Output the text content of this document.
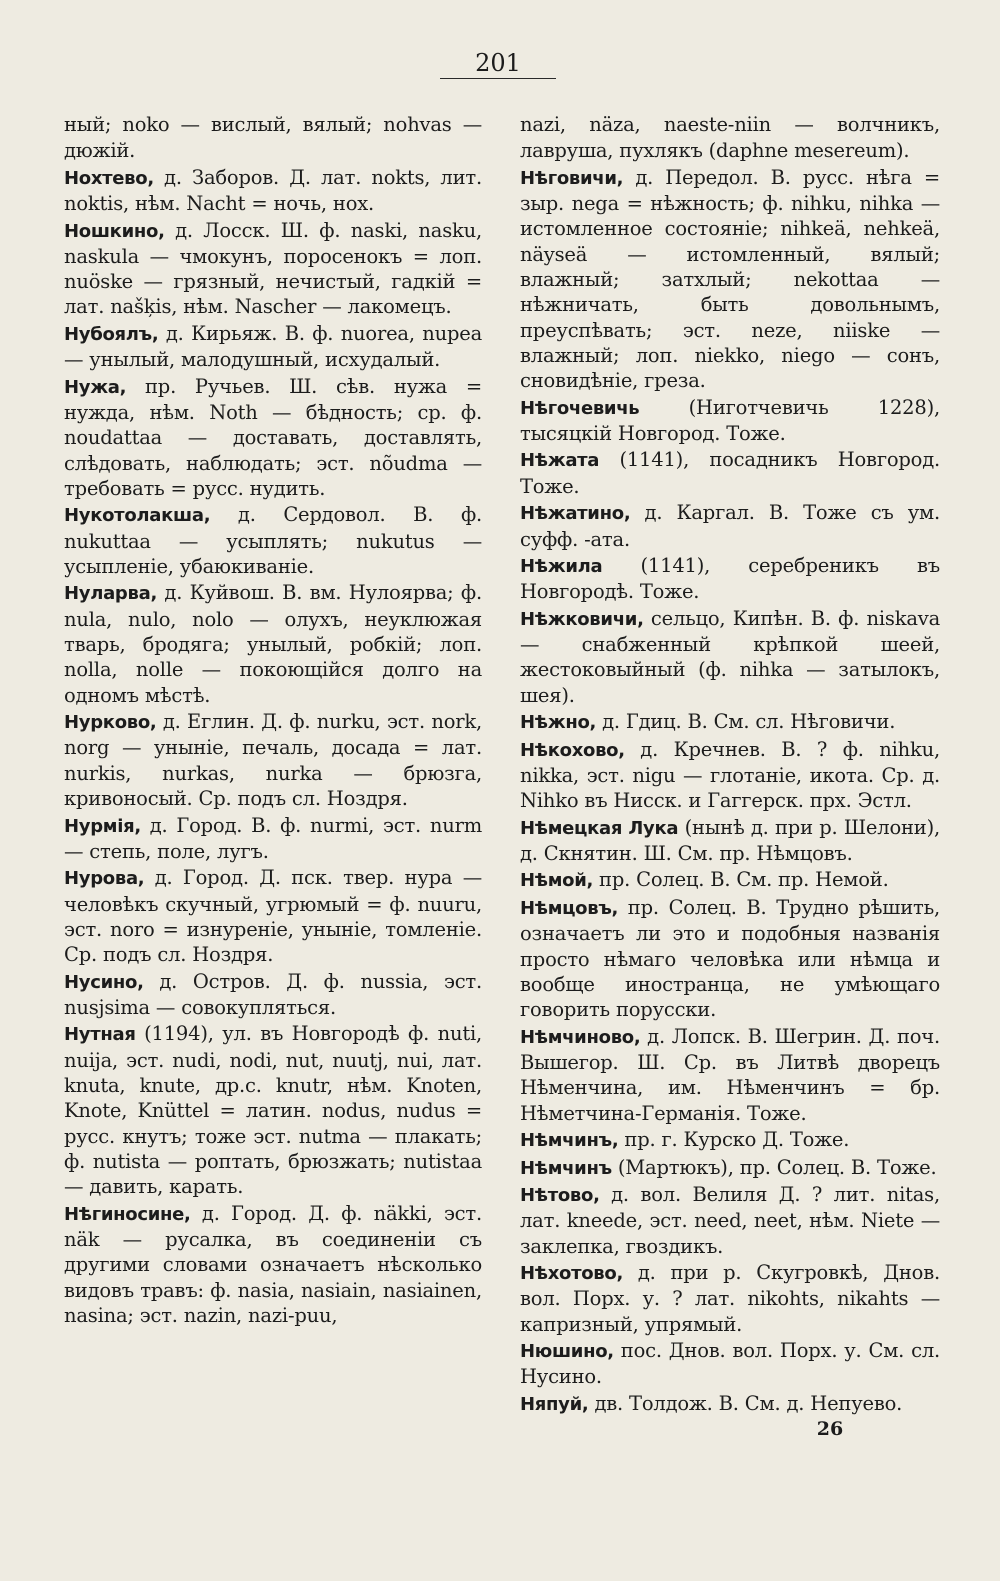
201
ный; noko — вислый, вялый; nohvas — дюжій.
Нохтево, д. Заборов. Д. лат. nokts, лит. noktis, нѣм. Nacht = ночь, нох.
Ношкино, д. Лосск. Ш. ф. naski, nasku, naskula — чмокунъ, поросенокъ = лоп. nuöske — грязный, нечистый, гадкій = лат. našķis, нѣм. Nascher — лакомецъ.
Нубоялъ, д. Кирьяж. В. ф. nuorea, nupea — унылый, малодушный, исхудалый.
Нужа, пр. Ручьев. Ш. сѣв. нужа = нужда, нѣм. Noth — бѣдность; ср. ф. noudattaa — доставать, доставлять, слѣдовать, наблюдать; эст. nõudma — требовать = русс. нудить.
Нукотолакша, д. Сердовол. В. ф. nukuttaa — усыплять; nukutus — усыпленіе, убаюкиваніе.
Нуларва, д. Куйвош. В. вм. Нулоярва; ф. nula, nulo, nolo — олухъ, неуклюжая тварь, бродяга; унылый, робкій; лоп. nolla, nolle — покоющійся долго на одномъ мѣстѣ.
Нурково, д. Еглин. Д. ф. nurku, эст. nork, norg — уныніе, печаль, досада = лат. nurkis, nurkas, nurka — брюзга, кривоносый. Ср. подъ сл. Ноздря.
Нурмія, д. Город. В. ф. nurmi, эст. nurm — степь, поле, лугъ.
Нурова, д. Город. Д. пск. твер. нура — человѣкъ скучный, угрюмый = ф. nuuru, эст. noro = изнуреніе, уныніе, томленіе. Ср. подъ сл. Ноздря.
Нусино, д. Остров. Д. ф. nussia, эст. nusjsima — совокупляться.
Нутная (1194), ул. въ Новгородѣ ф. nuti, nuija, эст. nudi, nodi, nut, nuutj, nui, лат. knuta, knute, др.с. knutr, нѣм. Knoten, Knote, Knüttel = латин. nodus, nudus = русс. кнутъ; тоже эст. nutma — плакать; ф. nutista — роптать, брюзжать; nutistaa — давить, карать.
Нѣгиносине, д. Город. Д. ф. näkki, эст. näk — русалка, въ соединеніи съ другими словами означаетъ нѣсколько видовъ травъ: ф. nasia, nasiain, nasiainen, nasina; эст. nazin, nazi-puu,
nazi, näza, naeste-niin — волчникъ, лавруша, пухлякъ (daphne mesereum).
Нѣговичи, д. Передол. В. русс. нѣга = зыр. nega = нѣжность; ф. nihku, nihka — истомленное состояніе; nihkeä, nehkeä, näyseä — истомленный, вялый; влажный; затхлый; nekottaa — нѣжничать, быть довольнымъ, преуспѣвать; эст. neze, niiske — влажный; лоп. niekko, niego — сонъ, сновидѣніе, греза.
Нѣгочевичь	(Ниготчевичь 1228), тысяцкій Новгород. Тоже.
Нѣжата (1141), посадникъ Новгород. Тоже.
Нѣжатино, д. Каргал. В. Тоже съ ум. суфф. -ата.
Нѣжила (1141), серебреникъ въ Новгородѣ. Тоже.
Нѣжковичи, сельцо, Кипѣн. В. ф. niskava — снабженный крѣпкой шеей, жестоковыйный (ф. nihka — затылокъ, шея).
Нѣжно, д. Гдиц. В. См. сл. Нѣговичи.
Нѣкохово, д. Кречнев. В. ? ф. nihku, nikka, эст. nigu — глотаніе, икота. Ср. д. Nihko въ Нисск. и Гаггерск. прх. Эстл.
Нѣмецкая Лука (нынѣ д. при р. Шелони), д. Скнятин. Ш. См. пр. Нѣмцовъ.
Нѣмой, пр. Солец. В. См. пр. Немой.
Нѣмцовъ, пр. Солец. В. Трудно рѣшить, означаетъ ли это и подобныя названія просто нѣмаго человѣка или нѣмца и вообще иностранца, не умѣющаго говорить порусски.
Нѣмчиново, д. Лопск. В. Шегрин. Д. поч. Вышегор. Ш. Ср. въ Литвѣ дворецъ Нѣменчина, им. Нѣменчинъ = бр. Нѣметчина-Германія. Тоже.
Нѣмчинъ, пр. г. Курско Д. Тоже.
Нѣмчинъ (Мартюкъ), пр. Солец. В. Тоже.
Нѣтово, д. вол. Велиля Д. ? лит. nitas, лат. kneede, эст. need, neet, нѣм. Niete — заклепка, гвоздикъ.
Нѣхотово, д. при р. Скугровкѣ, Днов. вол. Порх. у. ? лат. nikohts, nikahts — капризный, упрямый.
Нюшино, пос. Днов. вол. Порх. у. См. сл. Нусино.
Няпуй, дв. Толдож. В. См. д. Непуево.
26
